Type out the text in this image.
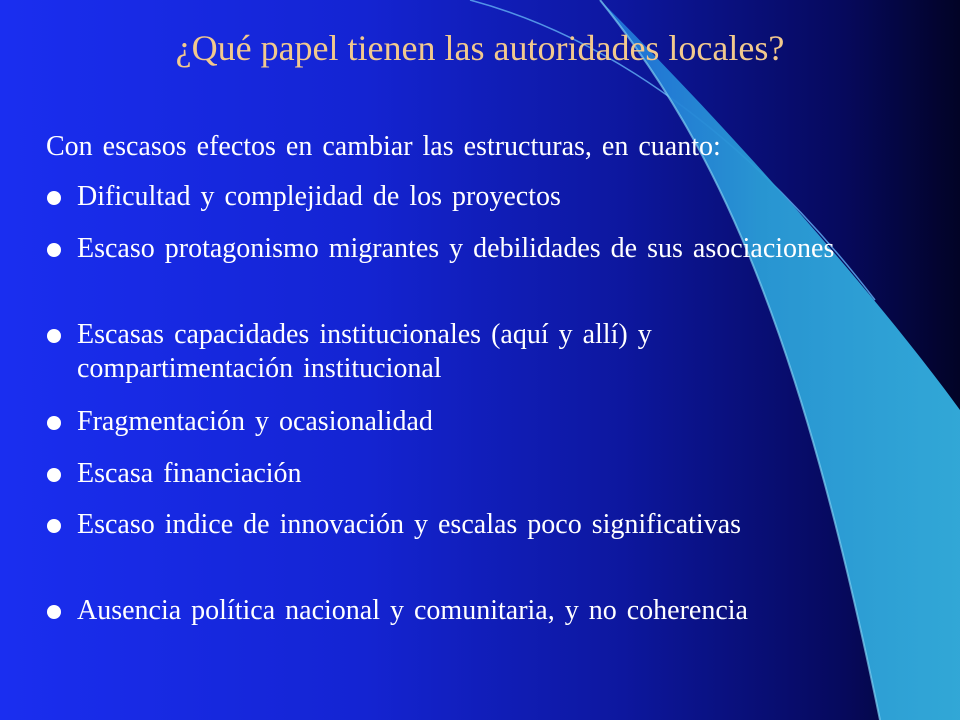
¿Qué papel tienen las autoridades locales?
Con escasos efectos en cambiar las estructuras, en cuanto:
Dificultad y complejidad de los proyectos
Escaso protagonismo migrantes y debilidades de sus asociaciones
Escasas capacidades institucionales (aquí y allí) y compartimentación institucional
Fragmentación y ocasionalidad
Escasa financiación
Escaso indice de innovación y escalas poco significativas
Ausencia política nacional y comunitaria, y no coherencia
